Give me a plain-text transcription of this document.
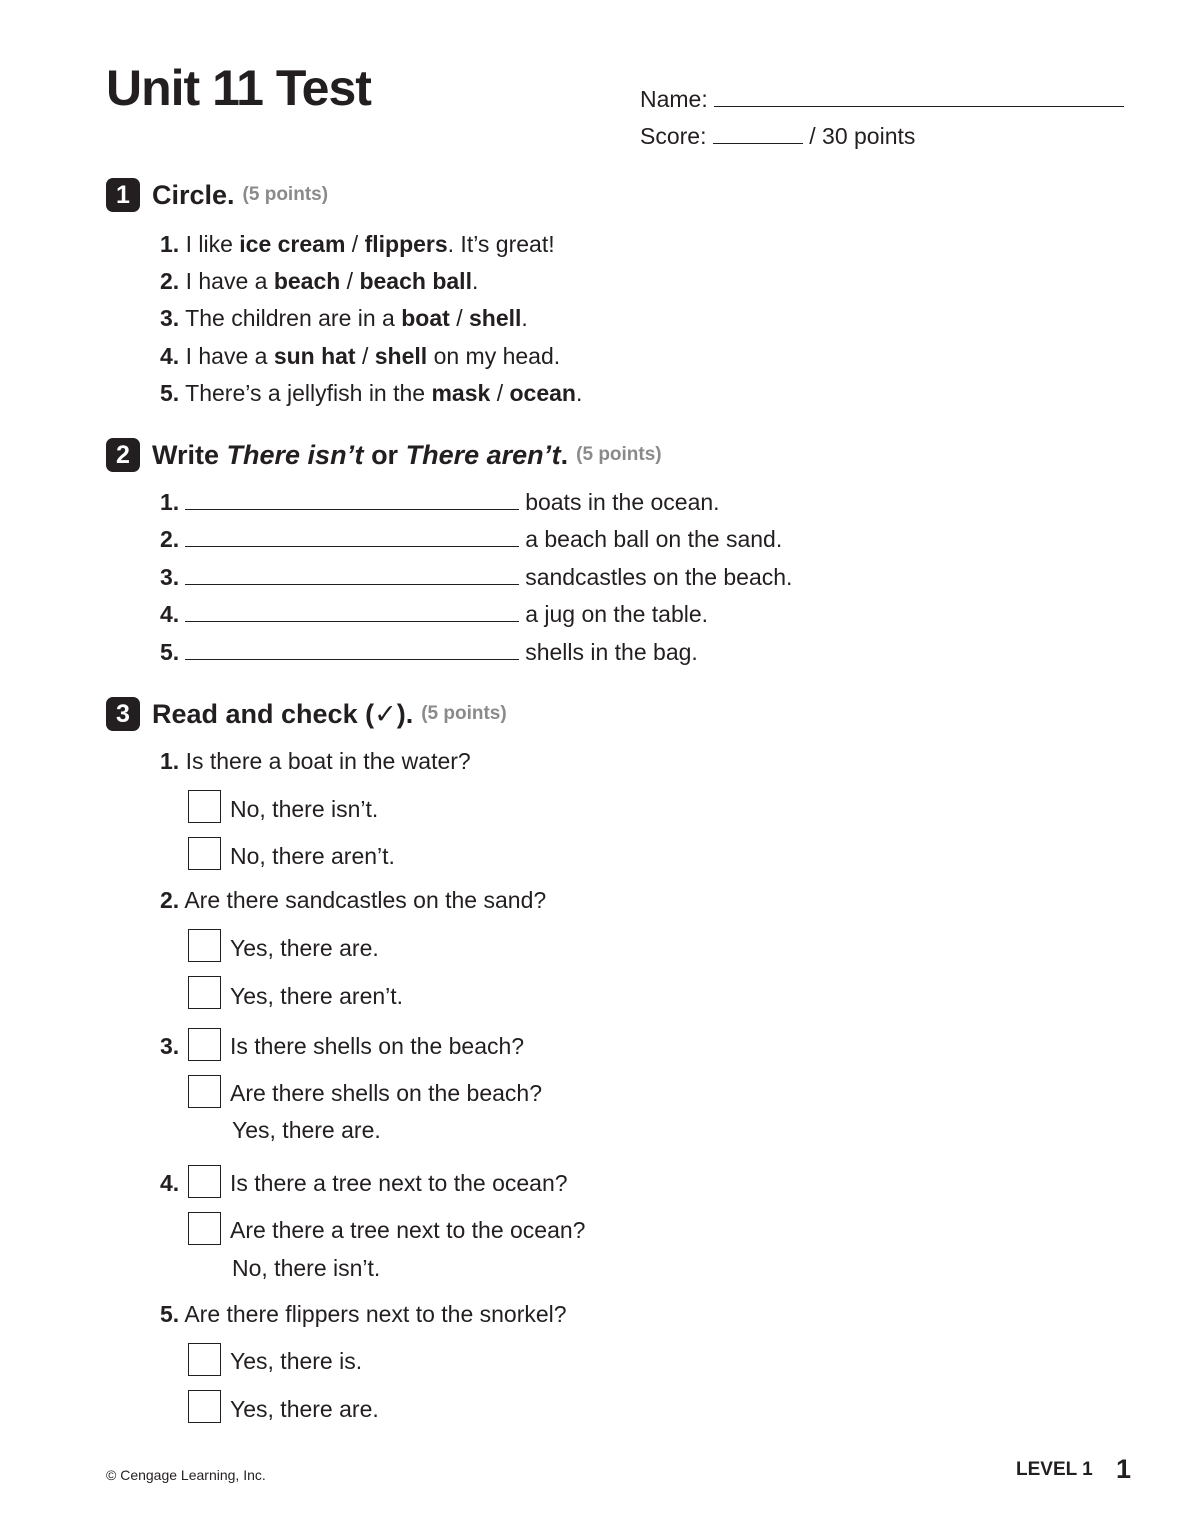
Unit 11 Test	Name:
Score:	/ 30 points
1 Circle. (5 points)
1. I like ice cream / flippers. It’s great!
2. I have a beach / beach ball.
3. The children are in a boat / shell.
4. I have a sun hat / shell on my head.
5. There’s a jellyfish in the mask / ocean.
2 Write
There isn’t or There aren’t . (5 points)
1.	boats in the ocean.
2.	a beach ball on the sand.
3.	sandcastles on the beach.
4.	a jug on the table.
5.	shells in the bag.
3 Read and check (✓). (5 points)
1. Is there a boat in the water?
No, there isn’t.
No, there aren’t.
2. Are there sandcastles on the sand?
Yes, there are.
Yes, there aren’t.
3. Is there shells on the beach?
Are there shells on the beach?
Yes, there are.
4. Is there a tree next to the ocean?
Are there a tree next to the ocean?
No, there isn’t.
5. Are there flippers next to the snorkel?
Yes, there is.
Yes, there are.
© Cengage Learning, Inc.	LEVEL 1 1
